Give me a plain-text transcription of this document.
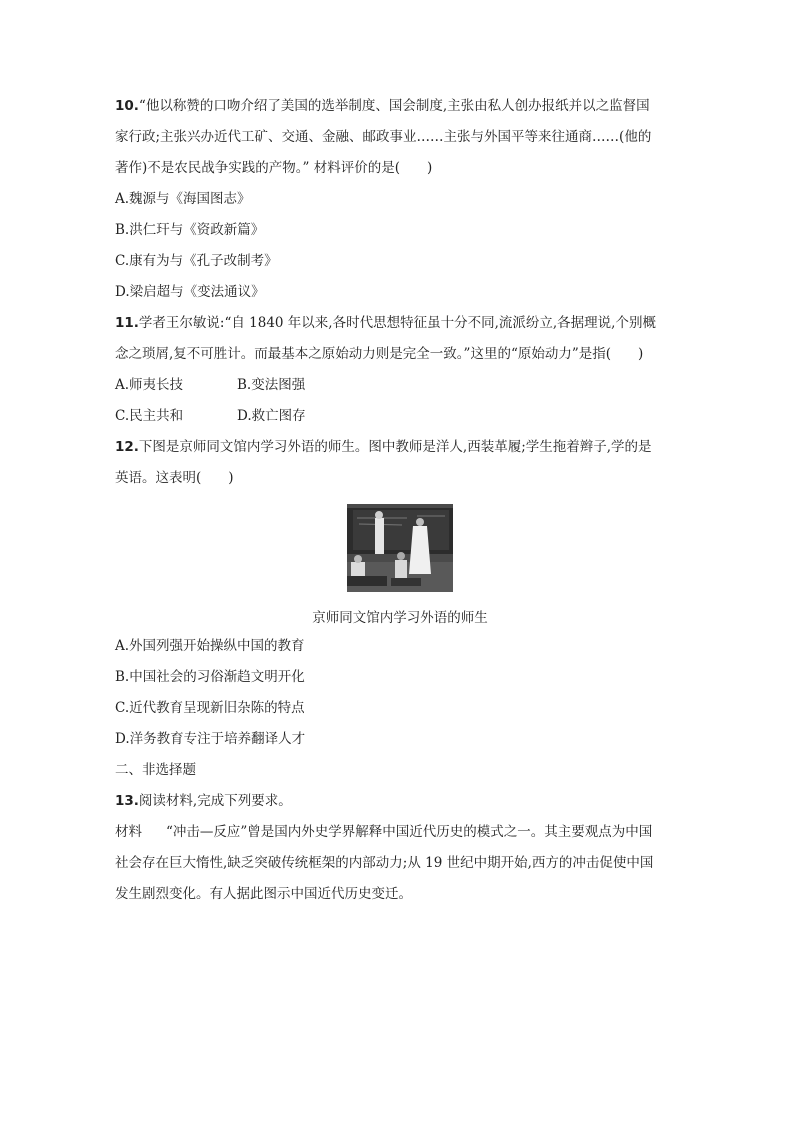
10.“他以称赞的口吻介绍了美国的选举制度、国会制度,主张由私人创办报纸并以之监督国

家行政;主张兴办近代工矿、交通、金融、邮政事业……主张与外国平等来往通商……(他的

著作)不是农民战争实践的产物。” 材料评价的是(　　)

A.魏源与《海国图志》

B.洪仁玕与《资政新篇》

C.康有为与《孔子改制考》

D.梁启超与《变法通议》

11.学者王尔敏说:“自 1840 年以来,各时代思想特征虽十分不同,流派纷立,各据理说,个别概

念之琐屑,复不可胜计。而最基本之原始动力则是完全一致。”这里的“原始动力”是指(　　)

A.师夷长技	B.变法图强
C.民主共和	D.救亡图存

12.下图是京师同文馆内学习外语的师生。图中教师是洋人,西装革履;学生拖着辫子,学的是

英语。这表明(　　)

京师同文馆内学习外语的师生

A.外国列强开始操纵中国的教育

B.中国社会的习俗渐趋文明开化

C.近代教育呈现新旧杂陈的特点

D.洋务教育专注于培养翻译人才

二、非选择题

13.阅读材料,完成下列要求。

材料 “冲击—反应”曾是国内外史学界解释中国近代历史的模式之一。其主要观点为中国

社会存在巨大惰性,缺乏突破传统框架的内部动力;从 19 世纪中期开始,西方的冲击促使中国

发生剧烈变化。有人据此图示中国近代历史变迁。
